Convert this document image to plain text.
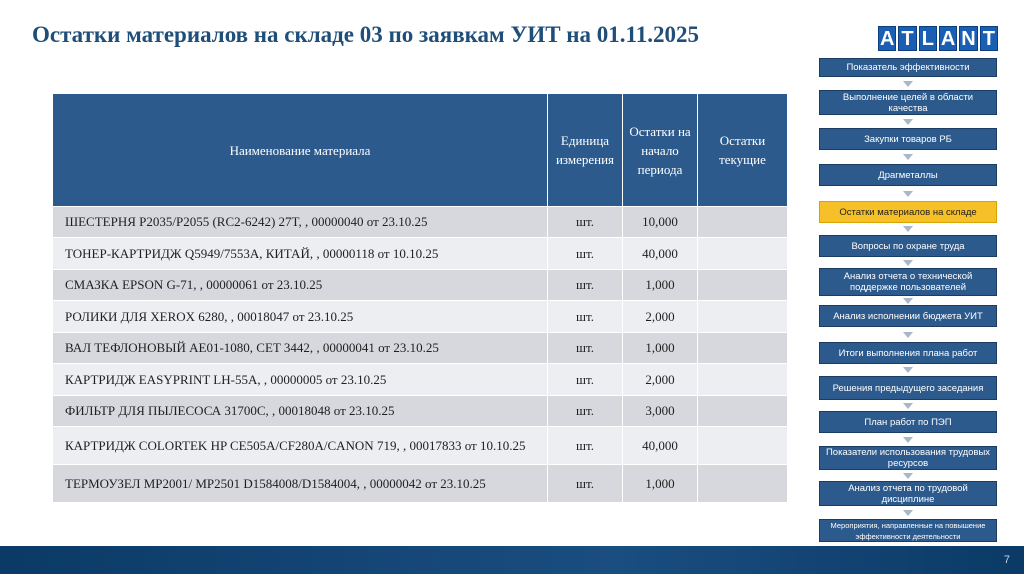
Остатки материалов на складе 03 по заявкам УИТ на 01.11.2025	A T L A N T
Наименование материала	Единица измерения	Остатки на начало периода	Остатки текущие
ШЕСТЕРНЯ P2035/P2055 (RC2-6242) 27T, , 00000040 от 23.10.25	шт.	10,000	
ТОНЕР-КАРТРИДЖ Q5949/7553A, КИТАЙ, , 00000118 от 10.10.25	шт.	40,000	
СМАЗКА EPSON G-71, , 00000061 от 23.10.25	шт.	1,000	
РОЛИКИ ДЛЯ XEROX 6280, , 00018047 от 23.10.25	шт.	2,000	
ВАЛ ТЕФЛОНОВЫЙ AE01-1080, CET 3442, , 00000041 от 23.10.25	шт.	1,000	
КАРТРИДЖ EASYPRINT LH-55A, , 00000005 от 23.10.25	шт.	2,000	
ФИЛЬТР ДЛЯ ПЫЛЕСОСА 31700C, , 00018048 от 23.10.25	шт.	3,000	
КАРТРИДЖ COLORTEK HP CE505A/CF280A/CANON 719, , 00017833 от 10.10.25	шт.	40,000	
ТЕРМОУЗЕЛ MP2001/ MP2501 D1584008/D1584004, , 00000042 от 23.10.25	шт.	1,000	
Показатель эффективности
Выполнение целей в области качества
Закупки товаров РБ
Драгметаллы
Остатки материалов на складе
Вопросы по охране труда
Анализ отчета о технической поддержке пользователей
Анализ исполнении бюджета УИТ
Итоги выполнения плана работ
Решения предыдущего заседания
План работ по ПЭП
Показатели использования трудовых ресурсов
Анализ отчета по трудовой дисциплине
Мероприятия, направленные на повышение эффективности деятельности
7
